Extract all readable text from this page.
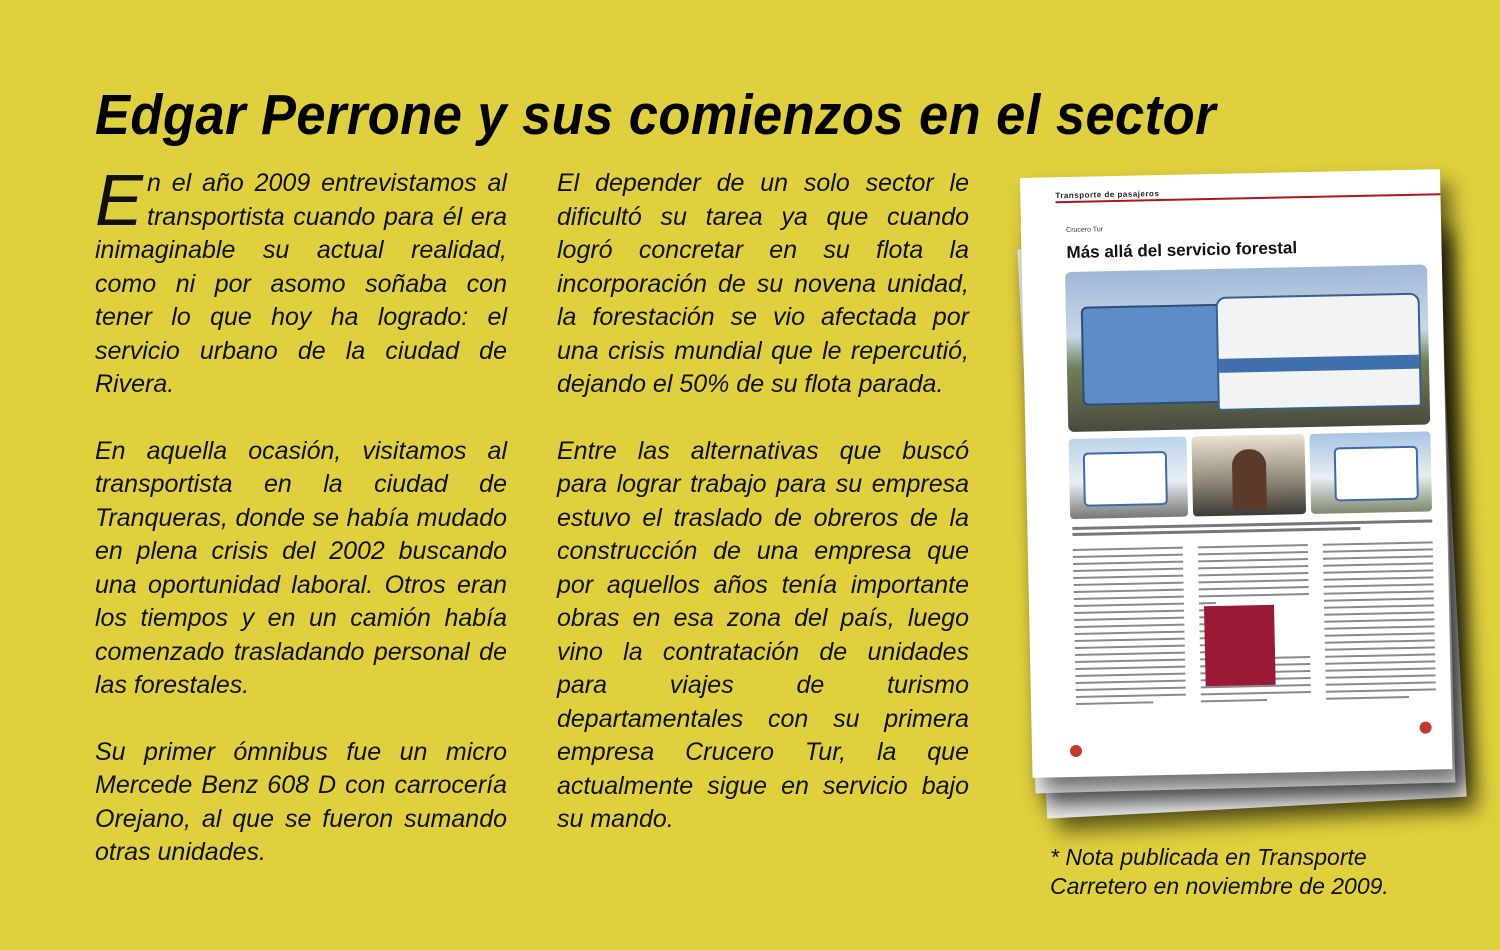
Edgar Perrone y sus comienzos en el sector

En el año 2009 entrevistamos al transportista cuando para él era inimaginable su actual realidad, como ni por asomo soñaba con tener lo que hoy ha logrado: el servicio urbano de la ciudad de Rivera.

En aquella ocasión, visitamos al transportista en la ciudad de Tranqueras, donde se había mudado en plena crisis del 2002 buscando una oportunidad laboral. Otros eran los tiempos y en un camión había comenzado trasladando personal de las forestales.

Su primer ómnibus fue un micro Mercede Benz 608 D con carrocería Orejano, al que se fueron sumando otras unidades.

El depender de un solo sector le dificultó su tarea ya que cuando logró concretar en su flota la incorporación de su novena unidad, la forestación se vio afectada por una crisis mundial que le repercutió, dejando el 50% de su flota parada.

Entre las alternativas que buscó para lograr trabajo para su empresa estuvo el traslado de obreros de la construcción de una empresa que por aquellos años tenía importante obras en esa zona del país, luego vino la contratación de unidades para viajes de turismo departamentales con su primera empresa Crucero Tur, la que actualmente sigue en servicio bajo su mando.

Transporte de pasajeros
Crucero Tur
Más allá del servicio forestal
* Nota publicada en Transporte
Carretero en noviembre de 2009.
